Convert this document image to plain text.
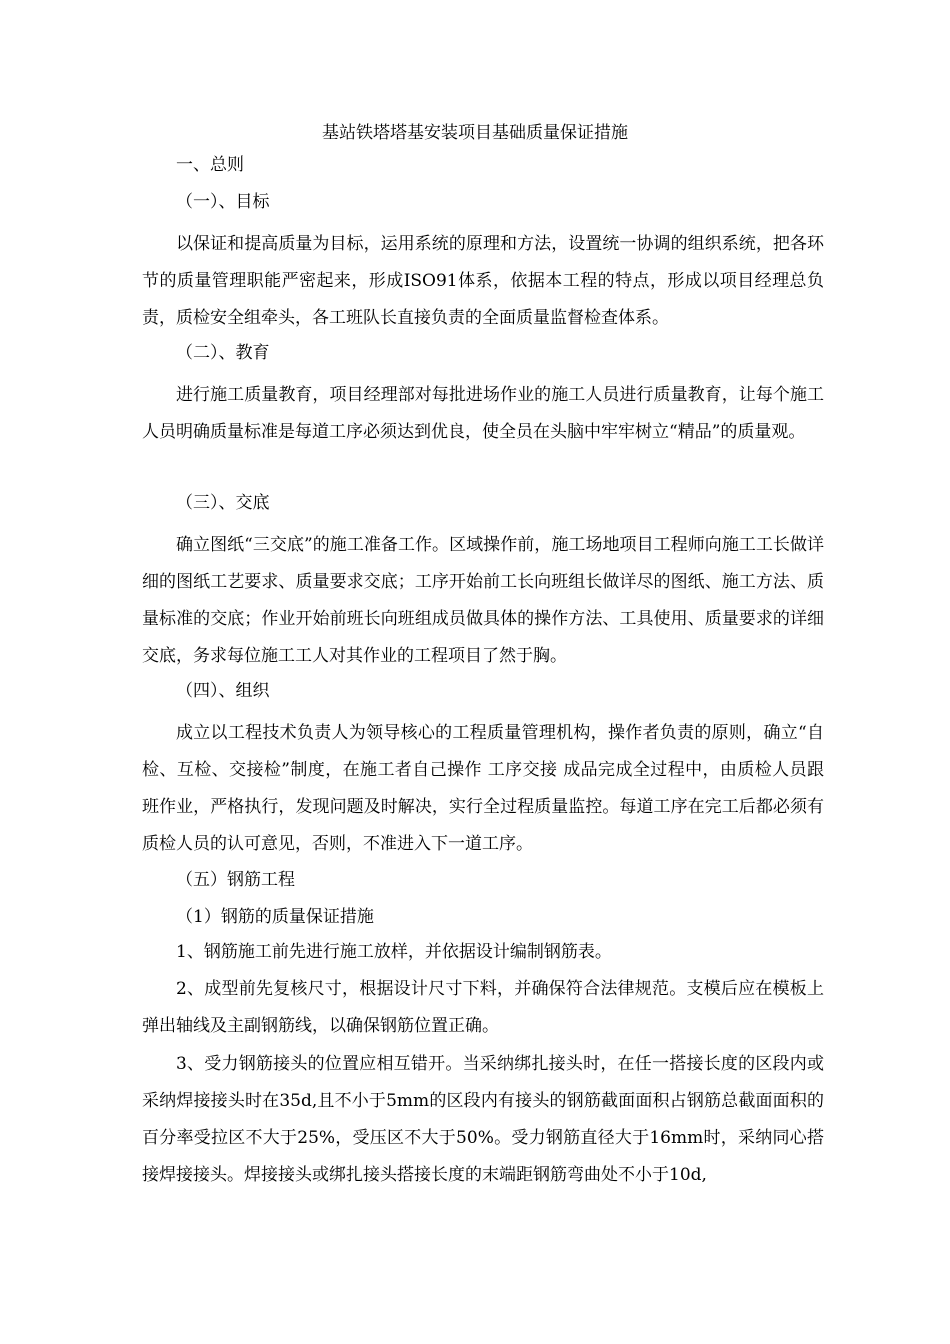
基站铁塔塔基安装项目基础质量保证措施
一、总则
（一）、目标
以保证和提高质量为目标，运用系统的原理和方法，设置统一协调的组织系统，把各环节的质量管理职能严密起来，形成ISO91体系，依据本工程的特点，形成以项目经理总负责，质检安全组牵头，各工班队长直接负责的全面质量监督检查体系。
（二）、教育
进行施工质量教育，项目经理部对每批进场作业的施工人员进行质量教育，让每个施工人员明确质量标准是每道工序必须达到优良，使全员在头脑中牢牢树立“精品”的质量观。
（三）、交底
确立图纸“三交底”的施工准备工作。区域操作前，施工场地项目工程师向施工工长做详细的图纸工艺要求、质量要求交底；工序开始前工长向班组长做详尽的图纸、施工方法、质量标准的交底；作业开始前班长向班组成员做具体的操作方法、工具使用、质量要求的详细交底，务求每位施工工人对其作业的工程项目了然于胸。
（四）、组织
成立以工程技术负责人为领导核心的工程质量管理机构，操作者负责的原则，确立“自检、互检、交接检”制度，在施工者自己操作 工序交接 成品完成全过程中，由质检人员跟班作业，严格执行，发现问题及时解决，实行全过程质量监控。每道工序在完工后都必须有质检人员的认可意见，否则，不准进入下一道工序。
（五）钢筋工程
（1）钢筋的质量保证措施
1、钢筋施工前先进行施工放样，并依据设计编制钢筋表。
2、成型前先复核尺寸，根据设计尺寸下料，并确保符合法律规范。支模后应在模板上弹出轴线及主副钢筋线，以确保钢筋位置正确。
3、受力钢筋接头的位置应相互错开。当采纳绑扎接头时，在任一搭接长度的区段内或采纳焊接接头时在35d,且不小于5mm的区段内有接头的钢筋截面面积占钢筋总截面面积的百分率受拉区不大于25%，受压区不大于50%。受力钢筋直径大于16mm时，采纳同心搭接焊接接头。焊接接头或绑扎接头搭接长度的末端距钢筋弯曲处不小于10d,
